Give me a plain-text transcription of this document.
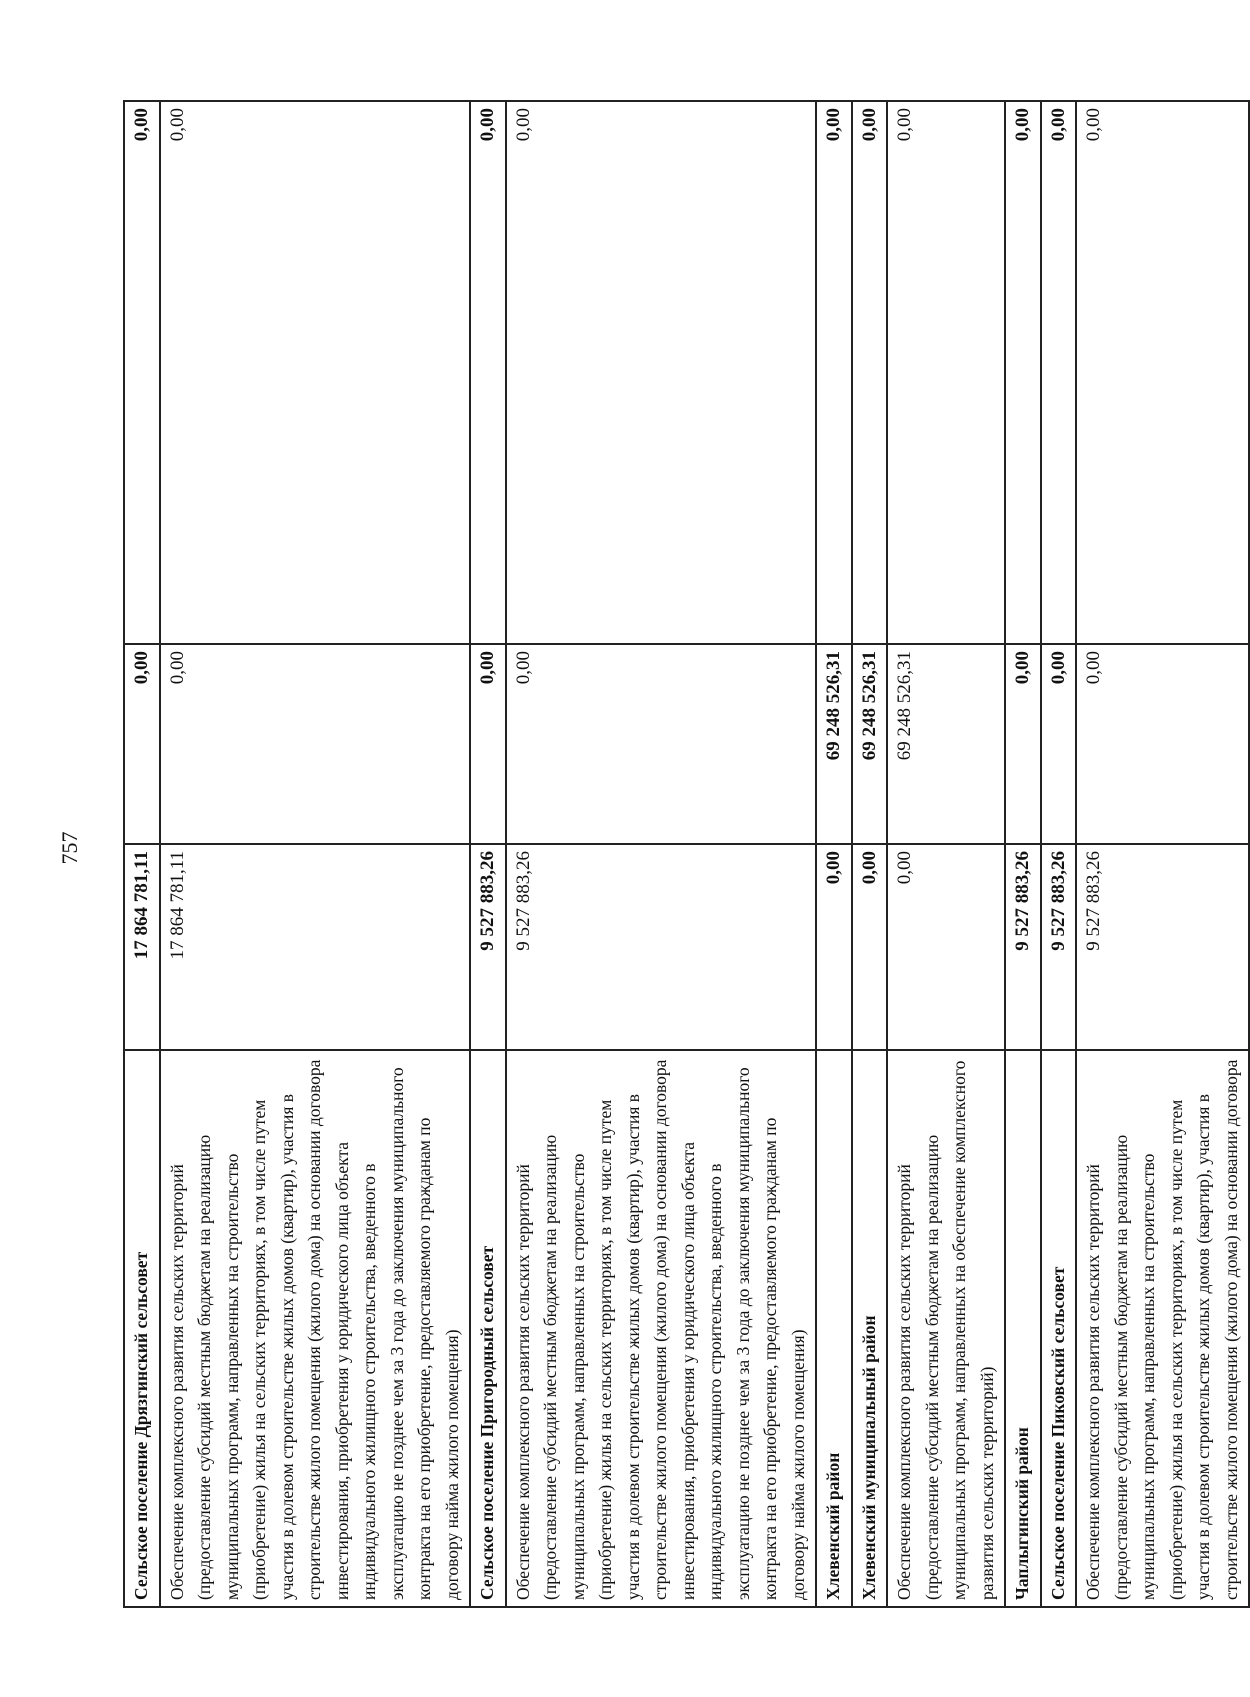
757
Сельское поселение Дрязгинский сельсовет	17 864 781,11	0,00	0,00
Обеспечение комплексного развития сельских территорий (предоставление субсидий местным бюджетам на реализацию муниципальных программ, направленных на строительство (приобретение) жилья на сельских территориях, в том числе путем участия в долевом строительстве жилых домов (квартир), участия в строительстве жилого помещения (жилого дома) на основании договора инвестирования, приобретения у юридического лица объекта индивидуального жилищного строительства, введенного в эксплуатацию не позднее чем за 3 года до заключения муниципального контракта на его приобретение, предоставляемого гражданам по договору найма жилого помещения)	17 864 781,11	0,00	0,00
Сельское поселение Пригородный сельсовет	9 527 883,26	0,00	0,00
Обеспечение комплексного развития сельских территорий (предоставление субсидий местным бюджетам на реализацию муниципальных программ, направленных на строительство (приобретение) жилья на сельских территориях, в том числе путем участия в долевом строительстве жилых домов (квартир), участия в строительстве жилого помещения (жилого дома) на основании договора инвестирования, приобретения у юридического лица объекта индивидуального жилищного строительства, введенного в эксплуатацию не позднее чем за 3 года до заключения муниципального контракта на его приобретение, предоставляемого гражданам по договору найма жилого помещения)	9 527 883,26	0,00	0,00
Хлевенский район	0,00	69 248 526,31	0,00
Хлевенский муниципальный район	0,00	69 248 526,31	0,00
Обеспечение комплексного развития сельских территорий (предоставление субсидий местным бюджетам на реализацию муниципальных программ, направленных на обеспечение комплексного развития сельских территорий)	0,00	69 248 526,31	0,00
Чаплыгинский район	9 527 883,26	0,00	0,00
Сельское поселение Пиковский сельсовет	9 527 883,26	0,00	0,00
Обеспечение комплексного развития сельских территорий (предоставление субсидий местным бюджетам на реализацию муниципальных программ, направленных на строительство (приобретение) жилья на сельских территориях, в том числе путем участия в долевом строительстве жилых домов (квартир), участия в строительстве жилого помещения (жилого дома) на основании договора	9 527 883,26	0,00	0,00
